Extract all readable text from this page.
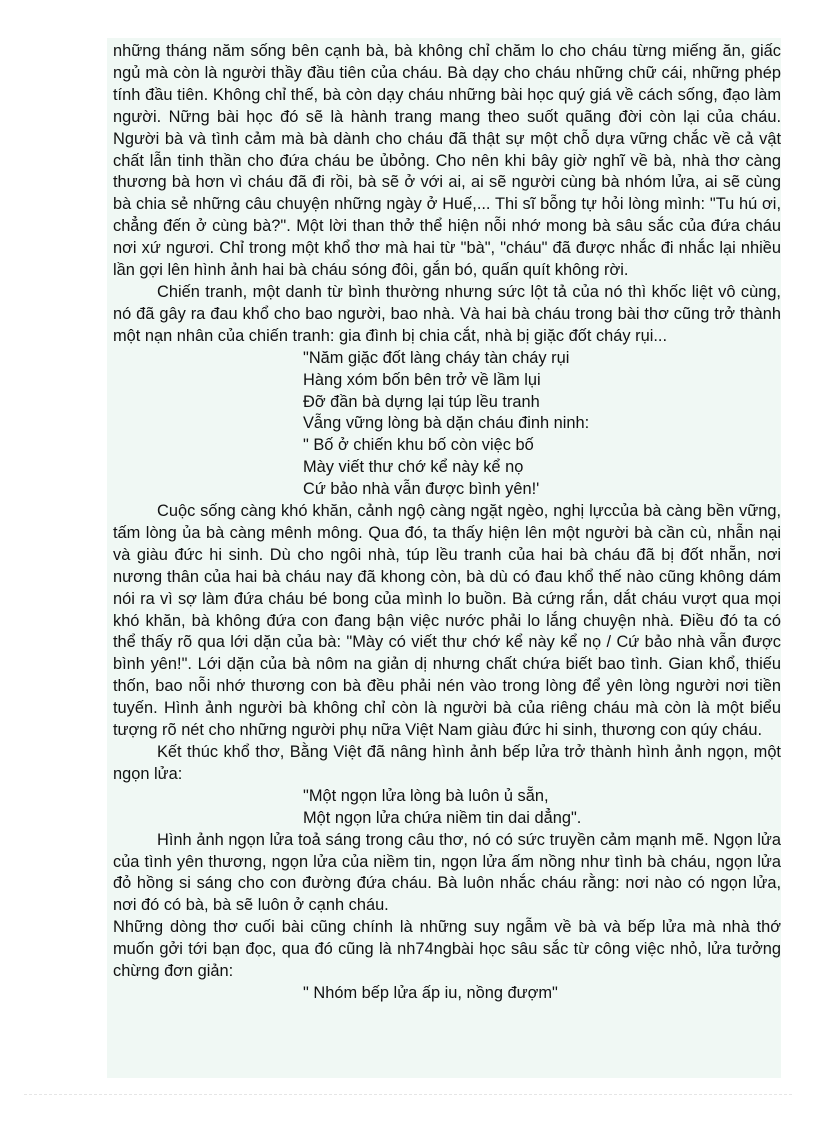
những tháng năm sống bên cạnh bà, bà không chỉ chăm lo cho cháu từng miếng ăn, giấc ngủ mà còn là người thầy đầu tiên của cháu. Bà dạy cho cháu những chữ cái, những phép tính đầu tiên. Không chỉ thế, bà còn dạy cháu những bài học quý giá về cách sống, đạo làm người. Nững bài học đó sẽ là hành trang mang theo suốt quãng đời còn lại của cháu. Người bà và tình cảm mà bà dành cho cháu đã thật sự một chỗ dựa vững chắc về cả vật chất lẫn tinh thần cho đứa cháu be ủbỏng. Cho nên khi bây giờ nghĩ về bà, nhà thơ càng thương bà hơn vì cháu đã đi rồi, bà sẽ ở với ai, ai sẽ người cùng bà nhóm lửa, ai sẽ cùng bà chia sẻ những câu chuyện những ngày ở Huế,... Thi sĩ bỗng tự hỏi lòng mình: "Tu hú ơi, chẳng đến ở cùng bà?". Một lời than thở thể hiện nỗi nhớ mong bà sâu sắc của đứa cháu nơi xứ ngươi. Chỉ trong một khổ thơ mà hai từ "bà", "cháu" đã được nhắc đi nhắc lại nhiều lần gợi lên hình ảnh hai bà cháu sóng đôi, gắn bó, quấn quít không rời.

Chiến tranh, một danh từ bình thường nhưng sức lột tả của nó thì khốc liệt vô cùng, nó đã gây ra đau khổ cho bao người, bao nhà. Và hai bà cháu trong bài thơ cũng trở thành một nạn nhân của chiến tranh: gia đình bị chia cắt, nhà bị giặc đốt cháy rụi...

"Năm giặc đốt làng cháy tàn cháy rụi
Hàng xóm bốn bên trở về lầm lụi
Đỡ đần bà dựng lại túp lều tranh
Vẫng vững lòng bà dặn cháu đinh ninh:
" Bố ở chiến khu bố còn việc bố
Mày viết thư chớ kể này kể nọ
Cứ bảo nhà vẫn được bình yên!'

Cuộc sống càng khó khăn, cảnh ngộ càng ngặt ngèo, nghị lựccủa bà càng bền vững, tấm lòng ủa bà càng mênh mông. Qua đó, ta thấy hiện lên một người bà cần cù, nhẫn nại và giàu đức hi sinh. Dù cho ngôi nhà, túp lều tranh của hai bà cháu đã bị đốt nhẵn, nơi nương thân của hai bà cháu nay đã khong còn, bà dù có đau khổ thế nào cũng không dám nói ra vì sợ làm đứa cháu bé bong của mình lo buồn. Bà cứng rắn, dắt cháu vượt qua mọi khó khăn, bà không đứa con đang bận việc nước phải lo lắng chuyện nhà. Điều đó ta có thể thấy rõ qua lới dặn của bà: "Mày có viết thư chớ kể này kể nọ / Cứ bảo nhà vẫn được bình yên!". Lới dặn của bà nôm na giản dị nhưng chất chứa biết bao tình. Gian khổ, thiếu thốn, bao nỗi nhớ thương con bà đều phải nén vào trong lòng để yên lòng người nơi tiền tuyến. Hình ảnh người bà không chỉ còn là người bà của riêng cháu mà còn là một biểu tượng rõ nét cho những người phụ nữa Việt Nam giàu đức hi sinh, thương con qúy cháu.

Kết thúc khổ thơ, Bằng Việt đã nâng hình ảnh bếp lửa trở thành hình ảnh ngọn, một ngọn lửa:

"Một ngọn lửa lòng bà luôn ủ sẵn,
Một ngọn lửa chứa niềm tin dai dẳng".

Hình ảnh ngọn lửa toả sáng trong câu thơ, nó có sức truyền cảm mạnh mẽ. Ngọn lửa của tình yên thương, ngọn lửa của niềm tin, ngọn lửa ấm nồng như tình bà cháu, ngọn lửa đỏ hồng si sáng cho con đường đứa cháu. Bà luôn nhắc cháu rằng: nơi nào có ngọn lửa, nơi đó có bà, bà sẽ luôn ở cạnh cháu.

Những dòng thơ cuối bài cũng chính là những suy ngẫm về bà và bếp lửa mà nhà thớ muốn gởi tới bạn đọc, qua đó cũng là nh74ngbài học sâu sắc từ công việc nhỏ, lửa tưởng chừng đơn giản:

" Nhóm bếp lửa ấp iu, nồng đượm"
